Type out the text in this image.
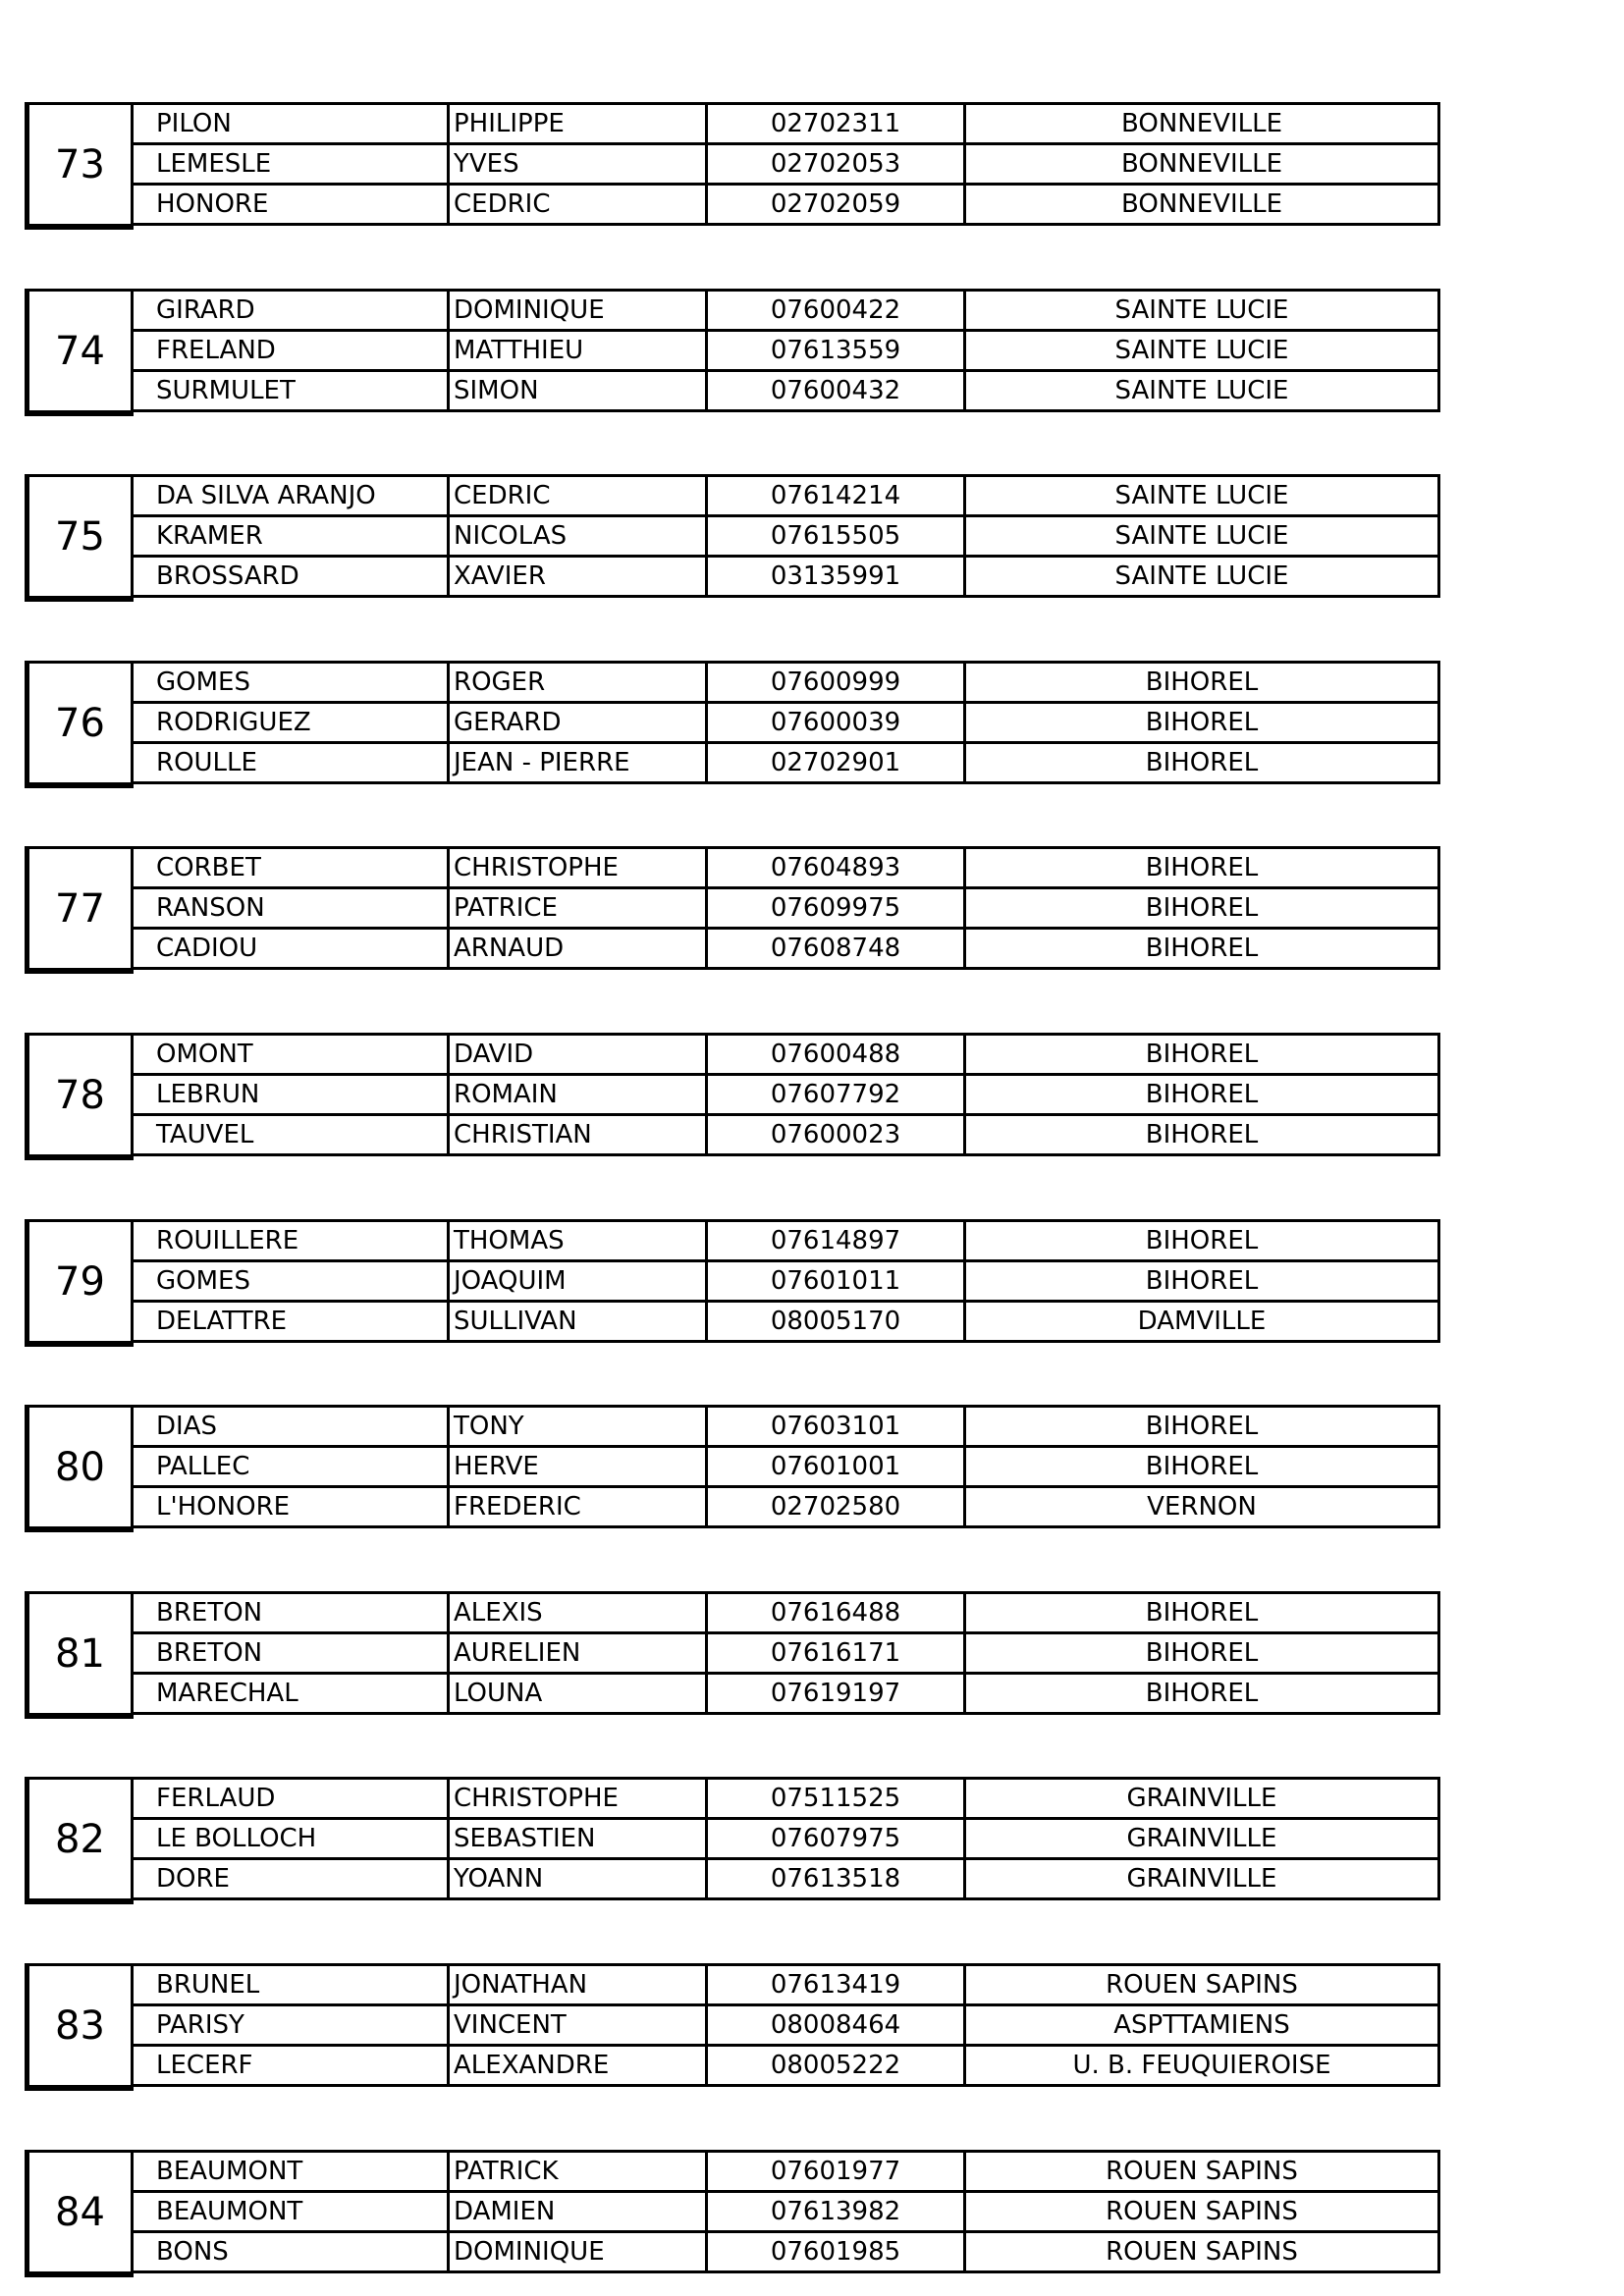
73
PILON	PHILIPPE	02702311	BONNEVILLE
LEMESLE	YVES	02702053	BONNEVILLE
HONORE	CEDRIC	02702059	BONNEVILLE
74
GIRARD	DOMINIQUE	07600422	SAINTE LUCIE
FRELAND	MATTHIEU	07613559	SAINTE LUCIE
SURMULET	SIMON	07600432	SAINTE LUCIE
75
DA SILVA ARANJO	CEDRIC	07614214	SAINTE LUCIE
KRAMER	NICOLAS	07615505	SAINTE LUCIE
BROSSARD	XAVIER	03135991	SAINTE LUCIE
76
GOMES	ROGER	07600999	BIHOREL
RODRIGUEZ	GERARD	07600039	BIHOREL
ROULLE	JEAN - PIERRE	02702901	BIHOREL
77
CORBET	CHRISTOPHE	07604893	BIHOREL
RANSON	PATRICE	07609975	BIHOREL
CADIOU	ARNAUD	07608748	BIHOREL
78
OMONT	DAVID	07600488	BIHOREL
LEBRUN	ROMAIN	07607792	BIHOREL
TAUVEL	CHRISTIAN	07600023	BIHOREL
79
ROUILLERE	THOMAS	07614897	BIHOREL
GOMES	JOAQUIM	07601011	BIHOREL
DELATTRE	SULLIVAN	08005170	DAMVILLE
80
DIAS	TONY	07603101	BIHOREL
PALLEC	HERVE	07601001	BIHOREL
L'HONORE	FREDERIC	02702580	VERNON
81
BRETON	ALEXIS	07616488	BIHOREL
BRETON	AURELIEN	07616171	BIHOREL
MARECHAL	LOUNA	07619197	BIHOREL
82
FERLAUD	CHRISTOPHE	07511525	GRAINVILLE
LE BOLLOCH	SEBASTIEN	07607975	GRAINVILLE
DORE	YOANN	07613518	GRAINVILLE
83
BRUNEL	JONATHAN	07613419	ROUEN SAPINS
PARISY	VINCENT	08008464	ASPTTAMIENS
LECERF	ALEXANDRE	08005222	U. B. FEUQUIEROISE
84
BEAUMONT	PATRICK	07601977	ROUEN SAPINS
BEAUMONT	DAMIEN	07613982	ROUEN SAPINS
BONS	DOMINIQUE	07601985	ROUEN SAPINS
